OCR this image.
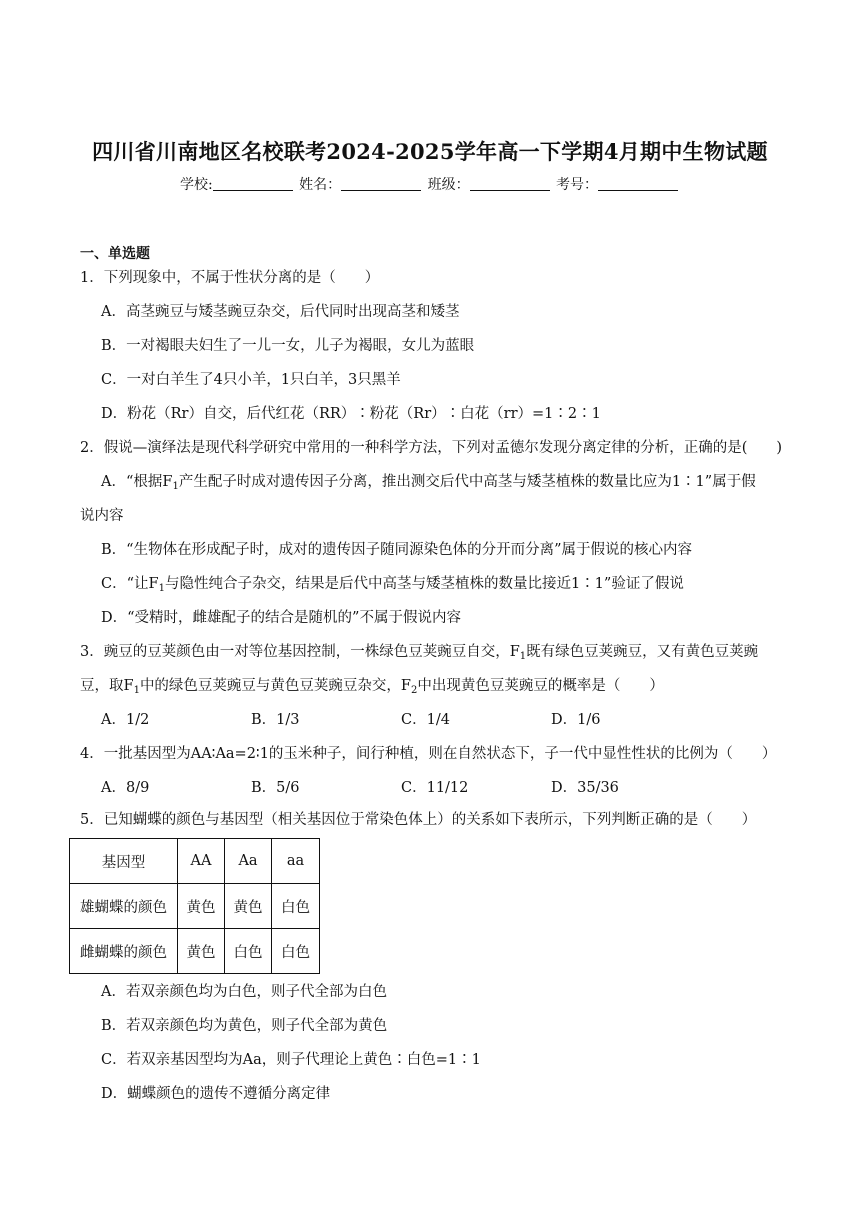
四川省川南地区名校联考2024-2025学年高一下学期4月期中生物试题
学校:	姓名：	班级：	考号：
一、单选题
1．下列现象中，不属于性状分离的是（　　）
A．高茎豌豆与矮茎豌豆杂交，后代同时出现高茎和矮茎
B．一对褐眼夫妇生了一儿一女，儿子为褐眼，女儿为蓝眼
C．一对白羊生了4只小羊，1只白羊，3只黑羊
D．粉花（Rr）自交，后代红花（RR）∶粉花（Rr）∶白花（rr）=1∶2∶1
2．假说—演绎法是现代科学研究中常用的一种科学方法，下列对孟德尔发现分离定律的分析，正确的是(　　)
A．“根据$F_1$产生配子时成对遗传因子分离，推出测交后代中高茎与矮茎植株的数量比应为1∶1”属于假
说内容
B．“生物体在形成配子时，成对的遗传因子随同源染色体的分开而分离”属于假说的核心内容
C．“让$F_1$与隐性纯合子杂交，结果是后代中高茎与矮茎植株的数量比接近1∶1”验证了假说
D．“受精时，雌雄配子的结合是随机的”不属于假说内容
3．豌豆的豆荚颜色由一对等位基因控制，一株绿色豆荚豌豆自交，$F_1$既有绿色豆荚豌豆，又有黄色豆荚豌
豆，取$F_1$中的绿色豆荚豌豆与黄色豆荚豌豆杂交，$F_2$中出现黄色豆荚豌豆的概率是（　　）
A．1/2	B．1/3	C．1/4	D．1/6
4．一批基因型为AA∶Aa=2∶1的玉米种子，间行种植，则在自然状态下，子一代中显性性状的比例为（　　）
A．8/9	B．5/6	C．11/12	D．35/36
5．已知蝴蝶的颜色与基因型（相关基因位于常染色体上）的关系如下表所示，下列判断正确的是（　　）
基因型	AA	Aa	aa
雄蝴蝶的颜色	黄色	黄色	白色
雌蝴蝶的颜色	黄色	白色	白色
A．若双亲颜色均为白色，则子代全部为白色
B．若双亲颜色均为黄色，则子代全部为黄色
C．若双亲基因型均为Aa，则子代理论上黄色∶白色=1∶1
D．蝴蝶颜色的遗传不遵循分离定律
